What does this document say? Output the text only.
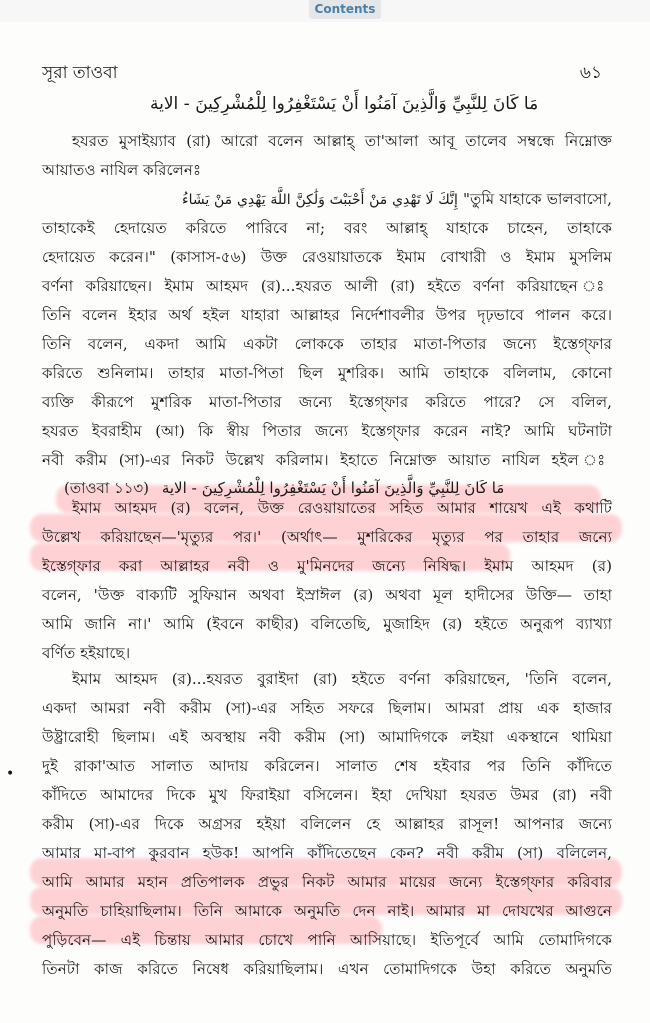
Contents
সূরা তাওবা	৬১
مَا كَانَ لِلنَّبِيِّ وَالَّذِينَ آمَنُوا أَنْ يَسْتَغْفِرُوا لِلْمُشْرِكِينَ - الاية
হযরত মুসাইয়্যাব (রা) আরো বলেন আল্লাহ্ তা'আলা আবূ তালেব সম্বন্ধে নিম্নোক্ত
আয়াতও নাযিল করিলেনঃ
إِنَّكَ لَا تَهْدِي مَنْ أَحْبَبْتَ وَلَٰكِنَّ اللَّهَ يَهْدِي مَنْ يَشَاءُ "তুমি যাহাকে ভালবাসো,
তাহাকেই হেদায়েত করিতে পারিবে না; বরং আল্লাহ্ যাহাকে চাহেন, তাহাকে
হেদায়েত করেন।" (কাসাস-৫৬) উক্ত রেওয়ায়াতকে ইমাম বোখারী ও ইমাম মুসলিম
বর্ণনা করিয়াছেন। ইমাম আহমদ (র)...হযরত আলী (রা) হইতে বর্ণনা করিয়াছেন ঃ
তিনি বলেন ইহার অর্থ হইল যাহারা আল্লাহর নির্দেশাবলীর উপর দৃঢ়ভাবে পালন করে।
তিনি বলেন, একদা আমি একটা লোককে তাহার মাতা-পিতার জন্যে ইস্তেগ্ফার
করিতে শুনিলাম। তাহার মাতা-পিতা ছিল মুশরিক। আমি তাহাকে বলিলাম, কোনো
ব্যক্তি কীরূপে মুশরিক মাতা-পিতার জন্যে ইস্তেগ্ফার করিতে পারে? সে বলিল,
হযরত ইবরাহীম (আ) কি স্বীয় পিতার জন্যে ইস্তেগ্ফার করেন নাই? আমি ঘটনাটা
নবী করীম (সা)-এর নিকট উল্লেখ করিলাম। ইহাতে নিম্নোক্ত আয়াত নাযিল হইল ঃ
(তাওবা ১১৩) مَا كَانَ لِلنَّبِيِّ وَالَّذِينَ آمَنُوا أَنْ يَسْتَغْفِرُوا لِلْمُشْرِكِينَ - الاية
ইমাম আহমদ (র) বলেন, উক্ত রেওয়ায়াতের সহিত আমার শায়েখ এই কথাটি
উল্লেখ করিয়াছেন—'মৃত্যুর পর।' (অর্থাৎ— মুশরিকের মৃত্যুর পর তাহার জন্যে
ইস্তেগ্ফার করা আল্লাহর নবী ও মু'মিনদের জন্যে নিষিদ্ধ। ইমাম আহমদ (র)
বলেন, 'উক্ত বাক্যটি সুফিয়ান অথবা ইস্রাঈল (র) অথবা মূল হাদীসের উক্তি— তাহা
আমি জানি না।' আমি (ইবনে কাছীর) বলিতেছি, মুজাহিদ (র) হইতে অনুরূপ ব্যাখ্যা
বর্ণিত হইয়াছে।
ইমাম আহমদ (র)...হযরত বুরাইদা (রা) হইতে বর্ণনা করিয়াছেন, 'তিনি বলেন,
একদা আমরা নবী করীম (সা)-এর সহিত সফরে ছিলাম। আমরা প্রায় এক হাজার
উষ্ট্রারোহী ছিলাম। এই অবস্থায় নবী করীম (সা) আমাদিগকে লইয়া একস্থানে থামিয়া
দুই রাকা'আত সালাত আদায় করিলেন। সালাত শেষ হইবার পর তিনি কাঁদিতে
কাঁদিতে আমাদের দিকে মুখ ফিরাইয়া বসিলেন। ইহা দেখিয়া হযরত উমর (রা) নবী
করীম (সা)-এর দিকে অগ্রসর হইয়া বলিলেন হে আল্লাহর রাসূল! আপনার জন্যে
আমার মা-বাপ কুরবান হউক! আপনি কাঁদিতেছেন কেন? নবী করীম (সা) বলিলেন,
আমি আমার মহান প্রতিপালক প্রভুর নিকট আমার মায়ের জন্যে ইস্তেগ্ফার করিবার
অনুমতি চাহিয়াছিলাম। তিনি আমাকে অনুমতি দেন নাই। আমার মা দোযখের আগুনে
পুড়িবেন— এই চিন্তায় আমার চোখে পানি আসিয়াছে। ইতিপূর্বে আমি তোমাদিগকে
তিনটা কাজ করিতে নিষেধ করিয়াছিলাম। এখন তোমাদিগকে উহা করিতে অনুমতি
•
